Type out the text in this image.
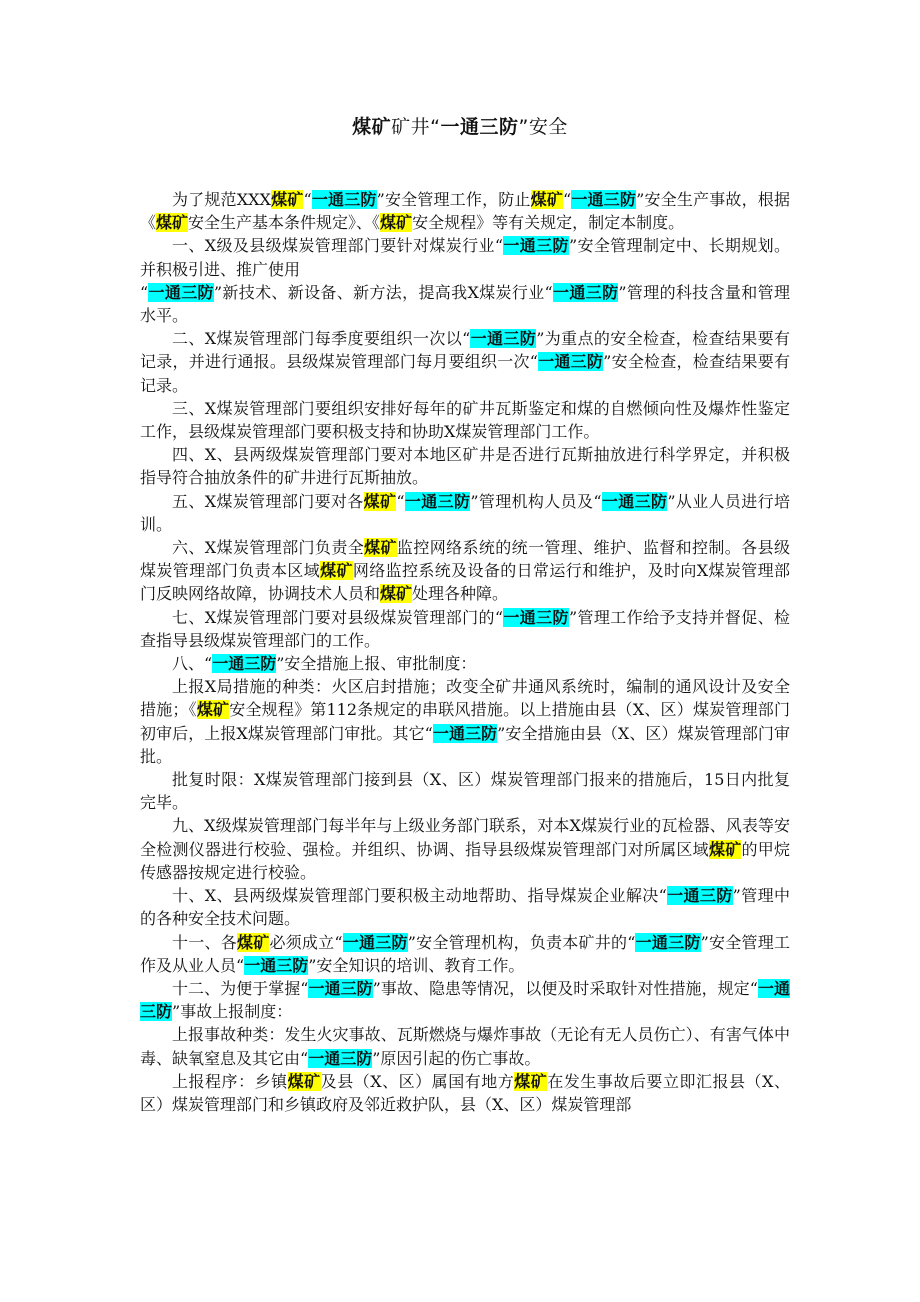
煤矿矿井“一通三防”安全

为了规范XXX煤矿“一通三防”安全管理工作，防止煤矿“一通三防”安全生产事故，根据《煤矿安全生产基本条件规定》、《煤矿安全规程》等有关规定，制定本制度。

一、X级及县级煤炭管理部门要针对煤炭行业“一通三防”安全管理制定中、长期规划。并积极引进、推广使用

“一通三防”新技术、新设备、新方法，提高我X煤炭行业“一通三防”管理的科技含量和管理水平。

二、X煤炭管理部门每季度要组织一次以“一通三防”为重点的安全检查，检查结果要有记录，并进行通报。县级煤炭管理部门每月要组织一次“一通三防”安全检查，检查结果要有记录。

三、X煤炭管理部门要组织安排好每年的矿井瓦斯鉴定和煤的自燃倾向性及爆炸性鉴定工作，县级煤炭管理部门要积极支持和协助X煤炭管理部门工作。

四、X、县两级煤炭管理部门要对本地区矿井是否进行瓦斯抽放进行科学界定，并积极指导符合抽放条件的矿井进行瓦斯抽放。

五、X煤炭管理部门要对各煤矿“一通三防”管理机构人员及“一通三防”从业人员进行培训。

六、X煤炭管理部门负责全煤矿监控网络系统的统一管理、维护、监督和控制。各县级煤炭管理部门负责本区域煤矿网络监控系统及设备的日常运行和维护，及时向X煤炭管理部门反映网络故障，协调技术人员和煤矿处理各种障。

七、X煤炭管理部门要对县级煤炭管理部门的“一通三防”管理工作给予支持并督促、检查指导县级煤炭管理部门的工作。

八、“一通三防”安全措施上报、审批制度：

上报X局措施的种类：火区启封措施；改变全矿井通风系统时，编制的通风设计及安全措施；《煤矿安全规程》第112条规定的串联风措施。以上措施由县（X、区）煤炭管理部门初审后，上报X煤炭管理部门审批。其它“一通三防”安全措施由县（X、区）煤炭管理部门审批。

批复时限：X煤炭管理部门接到县（X、区）煤炭管理部门报来的措施后，15日内批复完毕。

九、X级煤炭管理部门每半年与上级业务部门联系，对本X煤炭行业的瓦检器、风表等安全检测仪器进行校验、强检。并组织、协调、指导县级煤炭管理部门对所属区域煤矿的甲烷传感器按规定进行校验。

十、X、县两级煤炭管理部门要积极主动地帮助、指导煤炭企业解决“一通三防”管理中的各种安全技术问题。

十一、各煤矿必须成立“一通三防”安全管理机构，负责本矿井的“一通三防”安全管理工作及从业人员“一通三防”安全知识的培训、教育工作。

十二、为便于掌握“一通三防”事故、隐患等情况，以便及时采取针对性措施，规定“一通三防”事故上报制度：

上报事故种类：发生火灾事故、瓦斯燃烧与爆炸事故（无论有无人员伤亡）、有害气体中毒、缺氧窒息及其它由“一通三防”原因引起的伤亡事故。

上报程序：乡镇煤矿及县（X、区）属国有地方煤矿在发生事故后要立即汇报县（X、区）煤炭管理部门和乡镇政府及邻近救护队，县（X、区）煤炭管理部
